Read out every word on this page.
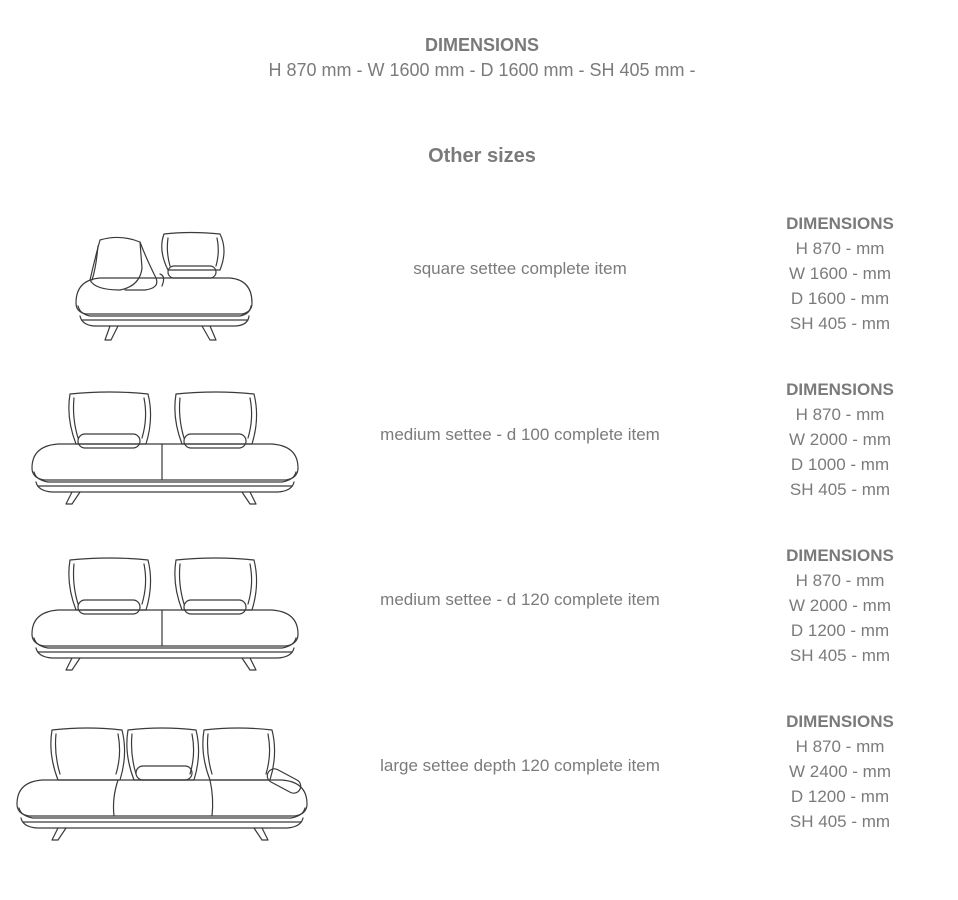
DIMENSIONS
H 870 mm - W 1600 mm - D 1600 mm - SH 405 mm -
Other sizes
square settee complete item
DIMENSIONS
H 870 - mm
W 1600 - mm
D 1600 - mm
SH 405 - mm
medium settee - d 100 complete item
DIMENSIONS
H 870 - mm
W 2000 - mm
D 1000 - mm
SH 405 - mm
medium settee - d 120 complete item
DIMENSIONS
H 870 - mm
W 2000 - mm
D 1200 - mm
SH 405 - mm
large settee depth 120 complete item
DIMENSIONS
H 870 - mm
W 2400 - mm
D 1200 - mm
SH 405 - mm
